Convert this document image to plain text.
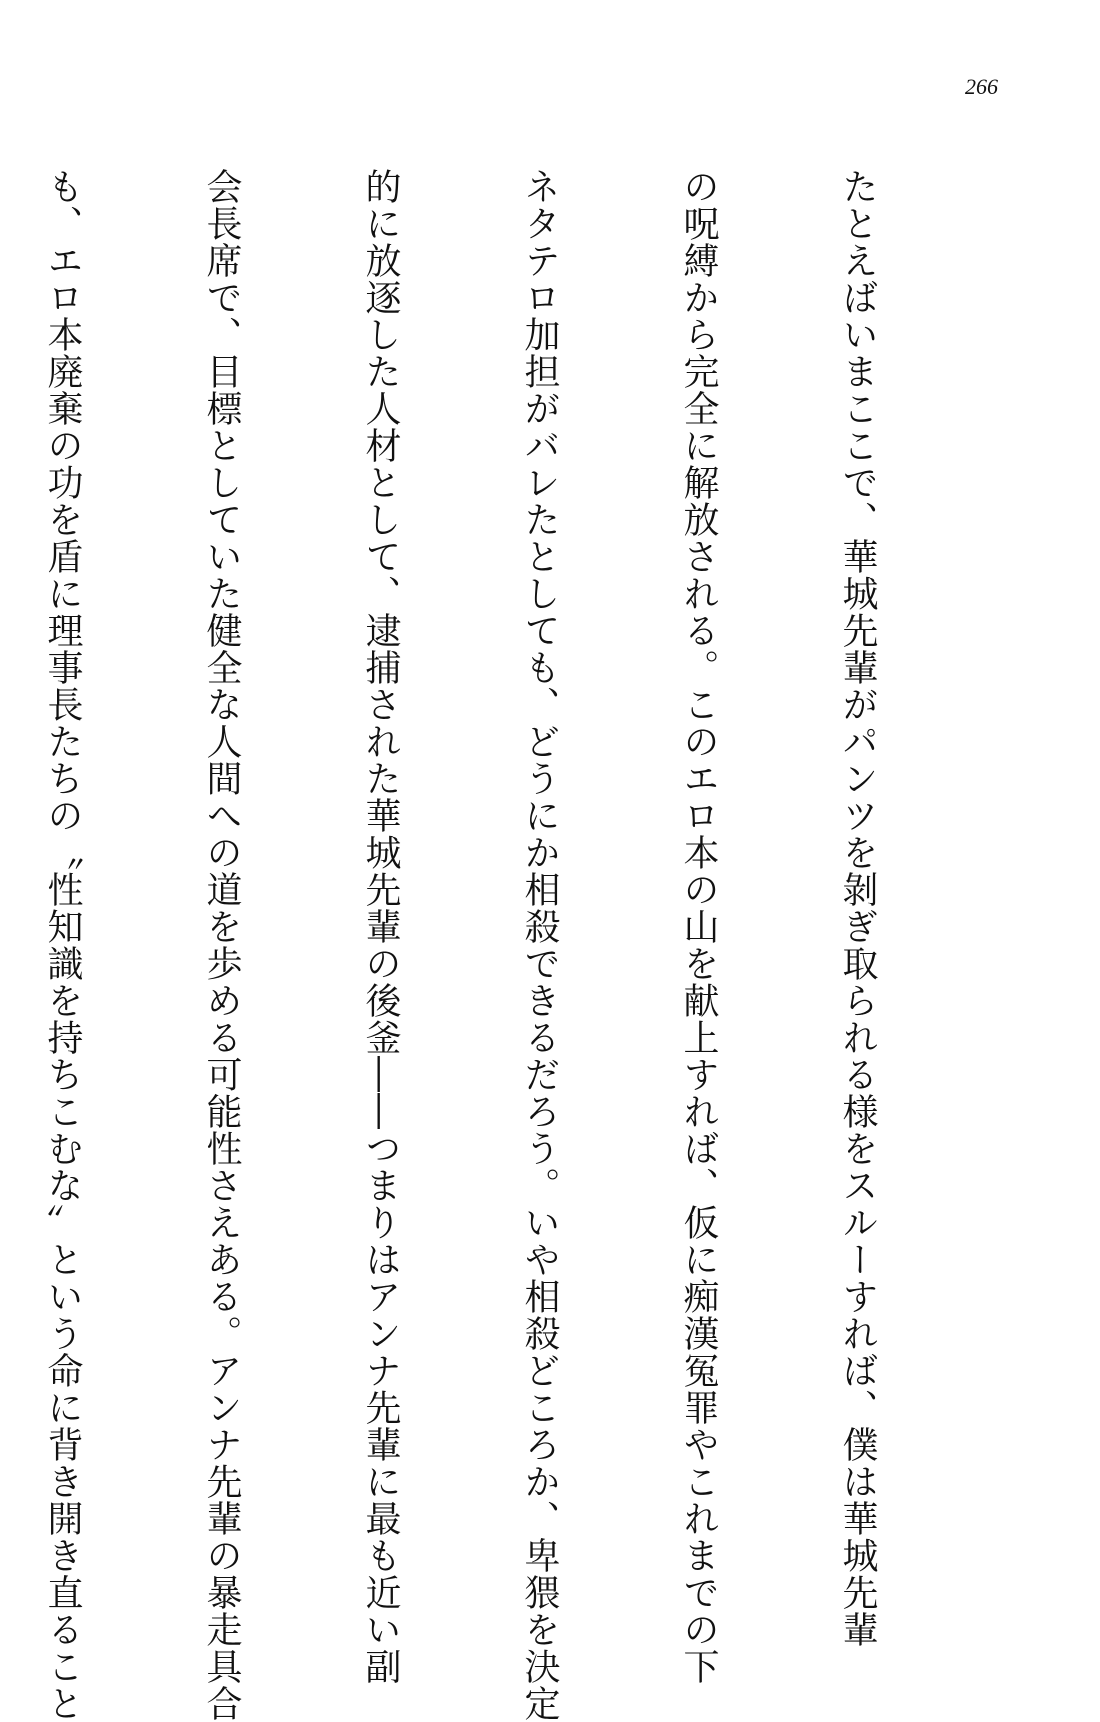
266

たとえばいまここで、華城先輩がパンツを剝ぎ取られる様をスルーすれば、僕は華城先輩

の呪縛から完全に解放される。このエロ本の山を献上すれば、仮に痴漢冤罪やこれまでの下

ネタテロ加担がバレたとしても、どうにか相殺できるだろう。いや相殺どころか、卑猥を決定

的に放逐した人材として、逮捕された華城先輩の後釜――つまりはアンナ先輩に最も近い副

会長席で、目標としていた健全な人間への道を歩める可能性さえある。アンナ先輩の暴走具合

も、エロ本廃棄の功を盾に理事長たちの〝性知識を持ちこむな〟という命に背き開き直ること
